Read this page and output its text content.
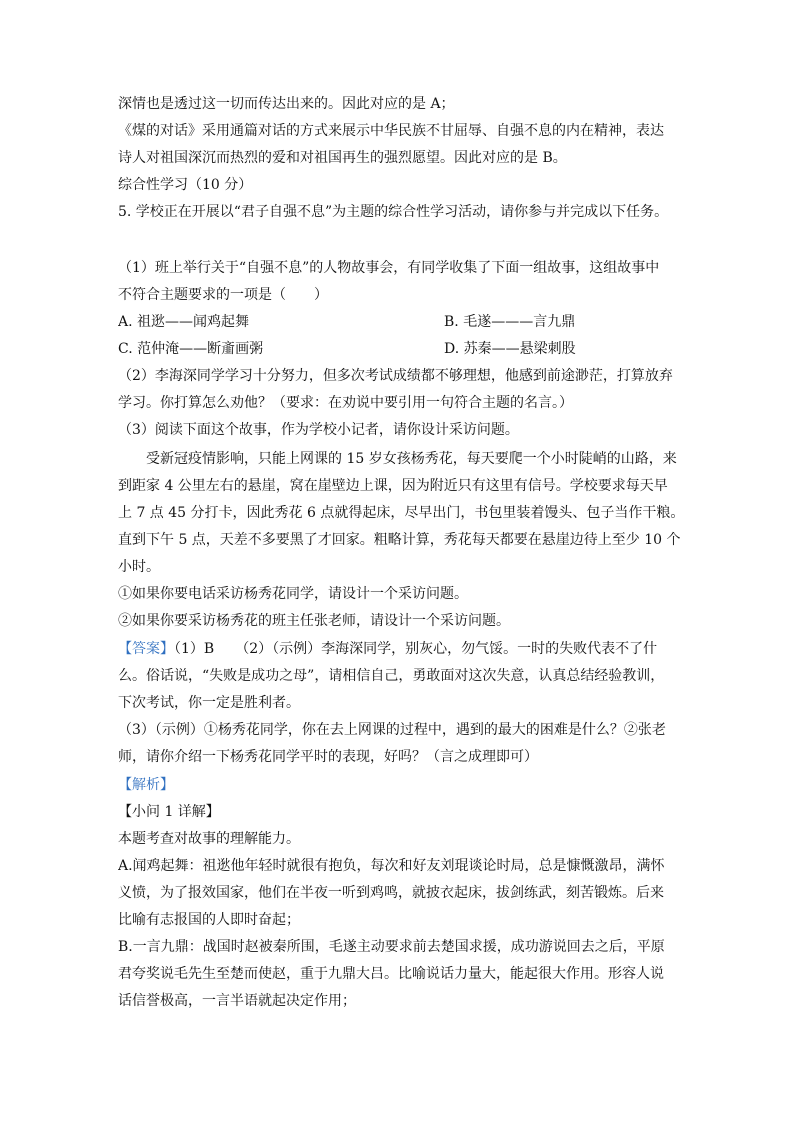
深情也是透过这一切而传达出来的。因此对应的是 A；
《煤的对话》采用通篇对话的方式来展示中华民族不甘屈辱、自强不息的内在精神，表达
诗人对祖国深沉而热烈的爱和对祖国再生的强烈愿望。因此对应的是 B。
综合性学习（10 分）
5. 学校正在开展以“君子自强不息”为主题的综合性学习活动，请你参与并完成以下任务。
（1）班上举行关于“自强不息”的人物故事会，有同学收集了下面一组故事，这组故事中
不符合主题要求的一项是（　　）
A. 祖逖——闻鸡起舞	B. 毛遂———言九鼎
C. 范仲淹——断齑画粥	D. 苏秦——悬梁刺股
（2）李海深同学学习十分努力，但多次考试成绩都不够理想，他感到前途渺茫，打算放弃
学习。你打算怎么劝他？（要求：在劝说中要引用一句符合主题的名言。）
（3）阅读下面这个故事，作为学校小记者，请你设计采访问题。
受新冠疫情影响，只能上网课的 15 岁女孩杨秀花，每天要爬一个小时陡峭的山路，来
到距家 4 公里左右的悬崖，窝在崖壁边上课，因为附近只有这里有信号。学校要求每天早
上 7 点 45 分打卡，因此秀花 6 点就得起床，尽早出门，书包里装着馒头、包子当作干粮。
直到下午 5 点，天差不多要黑了才回家。粗略计算，秀花每天都要在悬崖边待上至少 10 个
小时。
①如果你要电话采访杨秀花同学，请设计一个采访问题。
②如果你要采访杨秀花的班主任张老师，请设计一个采访问题。
【答案】（1）B　　（2）（示例）李海深同学，别灰心，勿气馁。一时的失败代表不了什
么。俗话说，“失败是成功之母”，请相信自己，勇敢面对这次失意，认真总结经验教训，
下次考试，你一定是胜利者。
（3）（示例）①杨秀花同学，你在去上网课的过程中，遇到的最大的困难是什么？②张老
师，请你介绍一下杨秀花同学平时的表现，好吗？（言之成理即可）
【解析】
【小问 1 详解】
本题考查对故事的理解能力。
A.闻鸡起舞：祖逖他年轻时就很有抱负，每次和好友刘琨谈论时局，总是慷慨激昂，满怀
义愤，为了报效国家，他们在半夜一听到鸡鸣，就披衣起床，拔剑练武，刻苦锻炼。后来
比喻有志报国的人即时奋起；
B.一言九鼎：战国时赵被秦所围，毛遂主动要求前去楚国求援，成功游说回去之后，平原
君夸奖说毛先生至楚而使赵，重于九鼎大吕。比喻说话力量大，能起很大作用。形容人说
话信誉极高，一言半语就起决定作用；
